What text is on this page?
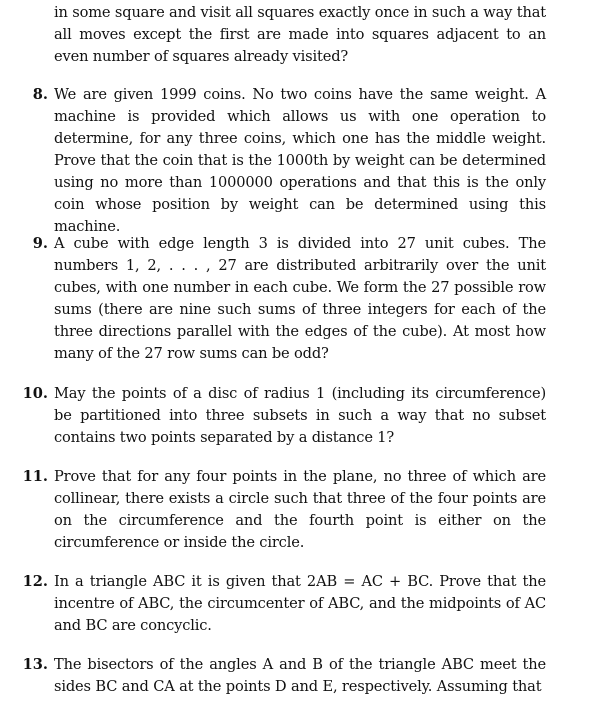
in some square and visit all squares exactly once in such a way that all moves except the first are made into squares adjacent to an even number of squares already visited?
8. We are given 1999 coins. No two coins have the same weight. A machine is provided which allows us with one operation to determine, for any three coins, which one has the middle weight. Prove that the coin that is the 1000th by weight can be determined using no more than 1000000 operations and that this is the only coin whose position by weight can be determined using this machine.
9. A cube with edge length 3 is divided into 27 unit cubes. The numbers 1, 2, . . . , 27 are distributed arbitrarily over the unit cubes, with one number in each cube. We form the 27 possible row sums (there are nine such sums of three integers for each of the three directions parallel with the edges of the cube). At most how many of the 27 row sums can be odd?
10. May the points of a disc of radius 1 (including its circumference) be partitioned into three subsets in such a way that no subset contains two points separated by a distance 1?
11. Prove that for any four points in the plane, no three of which are collinear, there exists a circle such that three of the four points are on the circumference and the fourth point is either on the circumference or inside the circle.
12. In a triangle ABC it is given that 2AB = AC + BC. Prove that the incentre of ABC, the circumcenter of ABC, and the midpoints of AC and BC are concyclic.
13. The bisectors of the angles A and B of the triangle ABC meet the sides BC and CA at the points D and E, respectively. Assuming that
